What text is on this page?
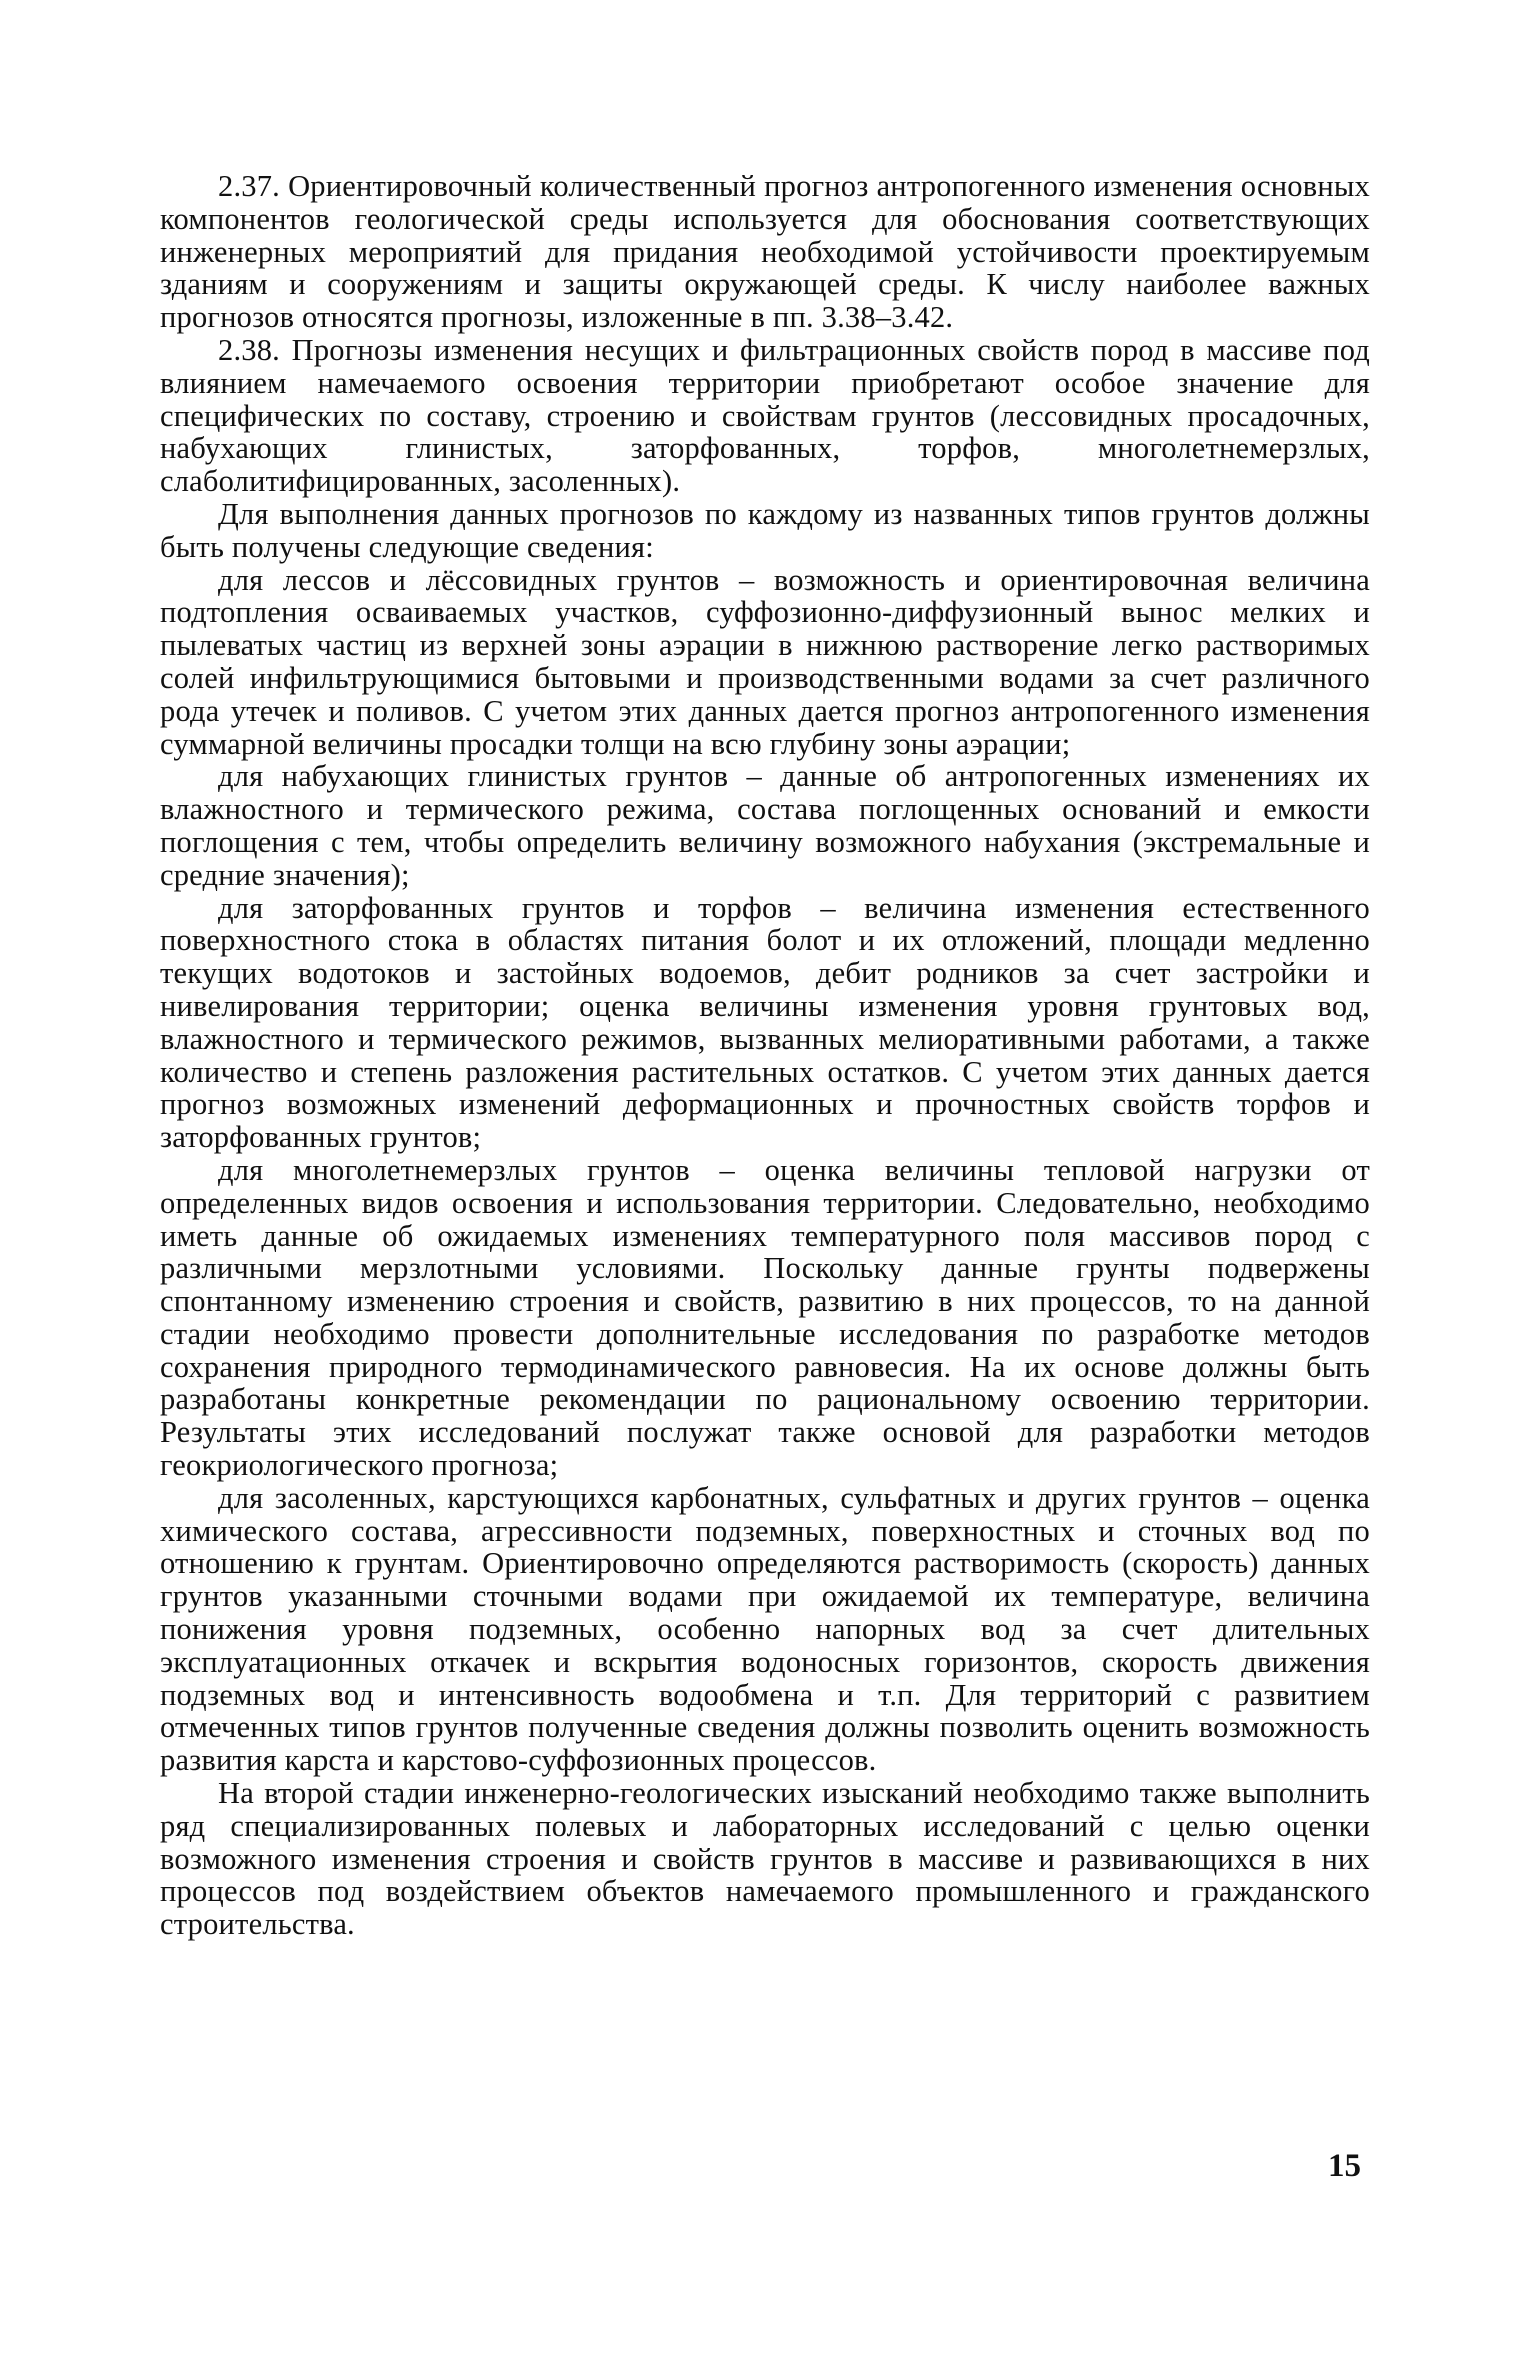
2.37. Ориентировочный количественный прогноз антропогенного изменения основных компонентов геологической среды используется для обоснования соответствующих инженерных мероприятий для придания необходимой устойчивости проектируемым зданиям и сооружениям и защиты окружающей среды. К числу наиболее важных прогнозов относятся прогнозы, изложенные в пп. 3.38–3.42.

2.38. Прогнозы изменения несущих и фильтрационных свойств пород в массиве под влиянием намечаемого освоения территории приобретают особое значение для специфических по составу, строению и свойствам грунтов (лессовидных просадочных, набухающих глинистых, заторфованных, торфов, многолетнемерзлых, слаболитифицированных, засоленных).

Для выполнения данных прогнозов по каждому из названных типов грунтов должны быть получены следующие сведения:

для лессов и лёссовидных грунтов – возможность и ориентировочная величина подтопления осваиваемых участков, суффозионно-диффузионный вынос мелких и пылеватых частиц из верхней зоны аэрации в нижнюю растворение легко растворимых солей инфильтрующимися бытовыми и производственными водами за счет различного рода утечек и поливов. С учетом этих данных дается прогноз антропогенного изменения суммарной величины просадки толщи на всю глубину зоны аэрации;

для набухающих глинистых грунтов – данные об антропогенных изменениях их влажностного и термического режима, состава поглощенных оснований и емкости поглощения с тем, чтобы определить величину возможного набухания (экстремальные и средние значения);

для заторфованных грунтов и торфов – величина изменения естественного поверхностного стока в областях питания болот и их отложений, площади медленно текущих водотоков и застойных водоемов, дебит родников за счет застройки и нивелирования территории; оценка величины изменения уровня грунтовых вод, влажностного и термического режимов, вызванных мелиоративными работами, а также количество и степень разложения растительных остатков. С учетом этих данных дается прогноз возможных изменений деформационных и прочностных свойств торфов и заторфованных грунтов;

для многолетнемерзлых грунтов – оценка величины тепловой нагрузки от определенных видов освоения и использования территории. Следовательно, необходимо иметь данные об ожидаемых изменениях температурного поля массивов пород с различными мерзлотными условиями. Поскольку данные грунты подвержены спонтанному изменению строения и свойств, развитию в них процессов, то на данной стадии необходимо провести дополнительные исследования по разработке методов сохранения природного термодинамического равновесия. На их основе должны быть разработаны конкретные рекомендации по рациональному освоению территории. Результаты этих исследований послужат также основой для разработки методов геокриологического прогноза;

для засоленных, карстующихся карбонатных, сульфатных и других грунтов – оценка химического состава, агрессивности подземных, поверхностных и сточных вод по отношению к грунтам. Ориентировочно определяются растворимость (скорость) данных грунтов указанными сточными водами при ожидаемой их температуре, величина понижения уровня подземных, особенно напорных вод за счет длительных эксплуатационных откачек и вскрытия водоносных горизонтов, скорость движения подземных вод и интенсивность водообмена и т.п. Для территорий с развитием отмеченных типов грунтов полученные сведения должны позволить оценить возможность развития карста и карстово-суффозионных процессов.

На второй стадии инженерно-геологических изысканий необходимо также выполнить ряд специализированных полевых и лабораторных исследований с целью оценки возможного изменения строения и свойств грунтов в массиве и развивающихся в них процессов под воздействием объектов намечаемого промышленного и гражданского строительства.

15
